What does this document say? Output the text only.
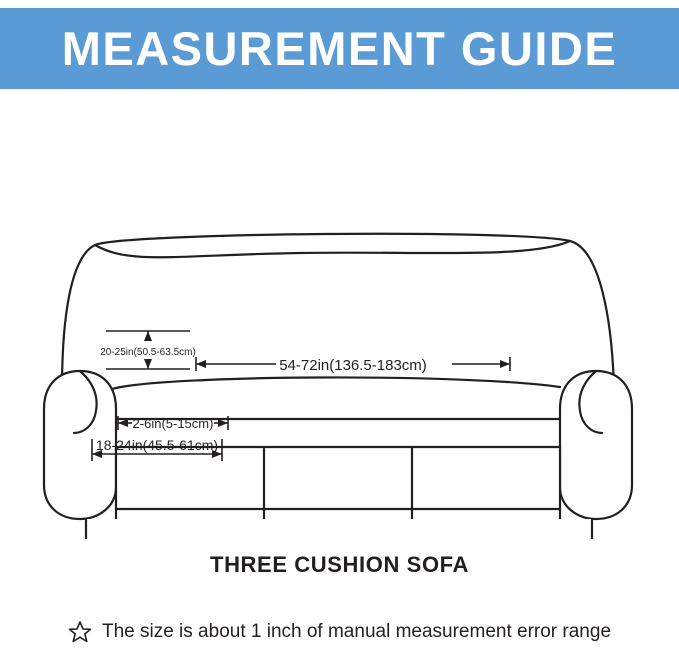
MEASUREMENT GUIDE
54-72in(136.5-183cm)
20-25in(50.5-63.5cm)
2-6in(5-15cm)
18-24in(45.5-61cm)
THREE CUSHION SOFA
The size is about 1 inch of manual measurement error range
